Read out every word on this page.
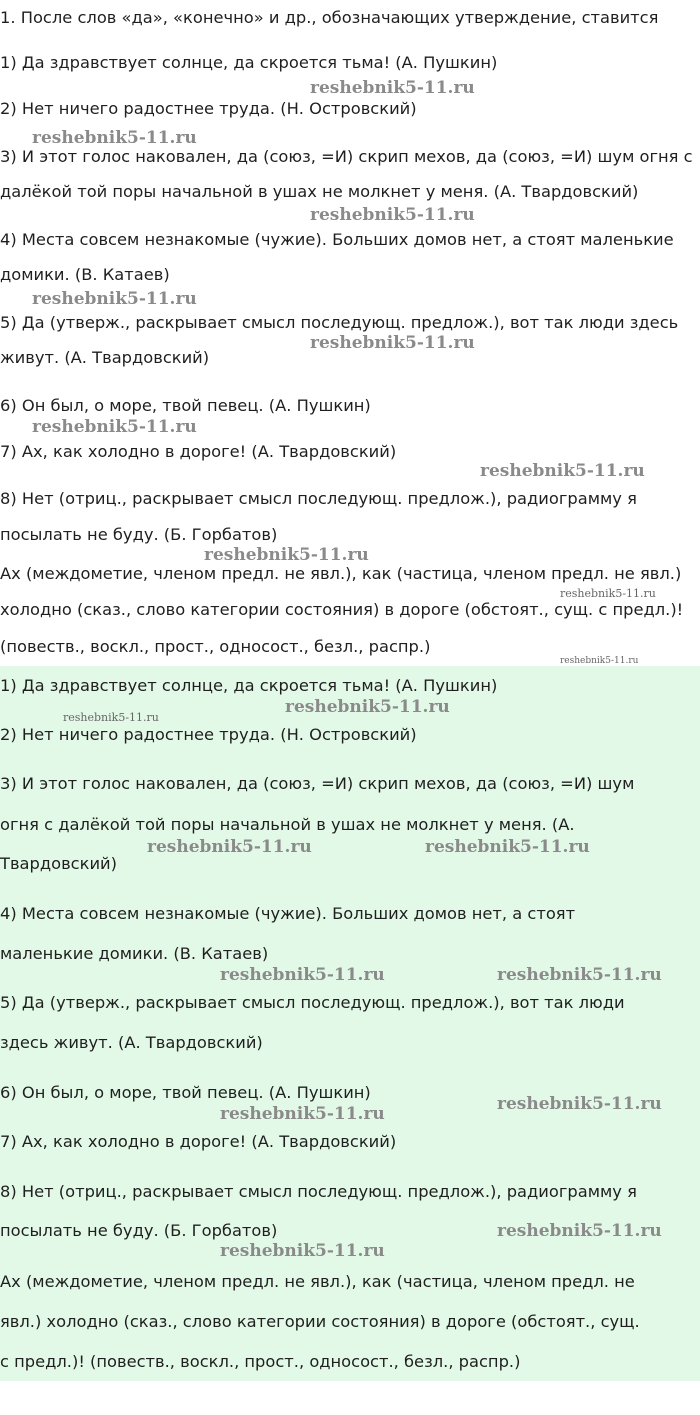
1. После слов «да», «конечно» и др., обозначающих утверждение, ставится
1) Да здравствует солнце, да скроется тьма! (А. Пушкин)
2) Нет ничего радостнее труда. (Н. Островский)
3) И этот голос наковален, да (союз, =И) скрип мехов, да (союз, =И) шум огня с
далёкой той поры начальной в ушах не молкнет у меня. (А. Твардовский)
4) Места совсем незнакомые (чужие). Больших домов нет, а стоят маленькие
домики. (В. Катаев)
5) Да (утверж., раскрывает смысл последующ. предлож.), вот так люди здесь
живут. (А. Твардовский)
6) Он был, о море, твой певец. (А. Пушкин)
7) Ах, как холодно в дороге! (А. Твардовский)
8) Нет (отриц., раскрывает смысл последующ. предлож.), радиограмму я
посылать не буду. (Б. Горбатов)
Ах (междометие, членом предл. не явл.), как (частица, членом предл. не явл.)
холодно (сказ., слово категории состояния) в дороге (обстоят., сущ. с предл.)!
(повеств., воскл., прост., односост., безл., распр.)
reshebnik5-11.ru
reshebnik5-11.ru
reshebnik5-11.ru
reshebnik5-11.ru
reshebnik5-11.ru
reshebnik5-11.ru
reshebnik5-11.ru
reshebnik5-11.ru
reshebnik5-11.ru
reshebnik5-11.ru
1) Да здравствует солнце, да скроется тьма! (А. Пушкин)
2) Нет ничего радостнее труда. (Н. Островский)
3) И этот голос наковален, да (союз, =И) скрип мехов, да (союз, =И) шум
огня с далёкой той поры начальной в ушах не молкнет у меня. (А.
Твардовский)
4) Места совсем незнакомые (чужие). Больших домов нет, а стоят
маленькие домики. (В. Катаев)
5) Да (утверж., раскрывает смысл последующ. предлож.), вот так люди
здесь живут. (А. Твардовский)
6) Он был, о море, твой певец. (А. Пушкин)
7) Ах, как холодно в дороге! (А. Твардовский)
8) Нет (отриц., раскрывает смысл последующ. предлож.), радиограмму я
посылать не буду. (Б. Горбатов)
Ах (междометие, членом предл. не явл.), как (частица, членом предл. не
явл.) холодно (сказ., слово категории состояния) в дороге (обстоят., сущ.
с предл.)! (повеств., воскл., прост., односост., безл., распр.)
reshebnik5-11.ru
reshebnik5-11.ru
reshebnik5-11.ru	reshebnik5-11.ru
reshebnik5-11.ru	reshebnik5-11.ru
reshebnik5-11.ru	reshebnik5-11.ru
reshebnik5-11.ru
reshebnik5-11.ru
